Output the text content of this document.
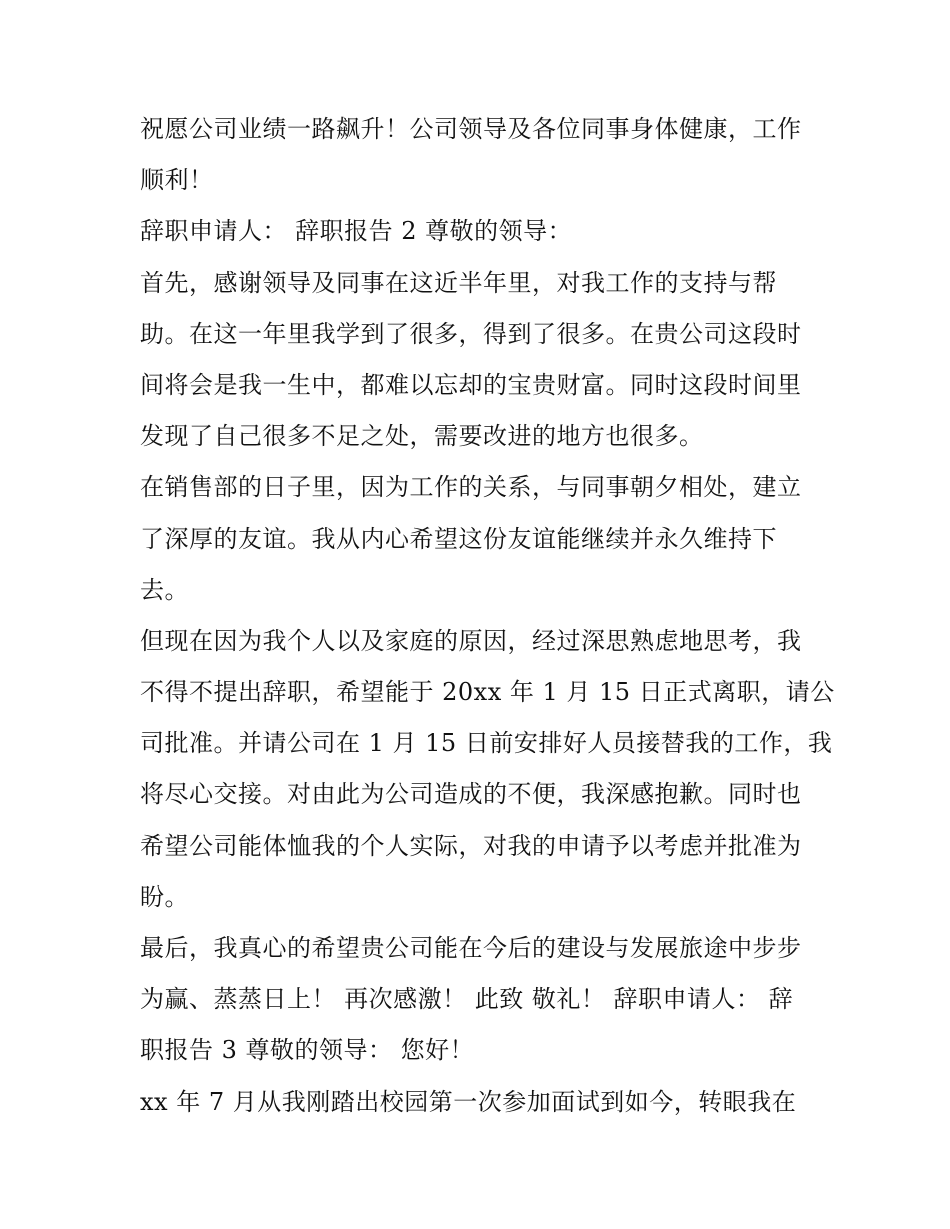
祝愿公司业绩一路飙升！公司领导及各位同事身体健康，工作
顺利！
辞职申请人： 辞职报告 2 尊敬的领导：
首先，感谢领导及同事在这近半年里，对我工作的支持与帮
助。在这一年里我学到了很多，得到了很多。在贵公司这段时
间将会是我一生中，都难以忘却的宝贵财富。同时这段时间里
发现了自己很多不足之处，需要改进的地方也很多。
在销售部的日子里，因为工作的关系，与同事朝夕相处，建立
了深厚的友谊。我从内心希望这份友谊能继续并永久维持下
去。
但现在因为我个人以及家庭的原因，经过深思熟虑地思考，我
不得不提出辞职，希望能于 20xx 年 1 月 15 日正式离职，请公
司批准。并请公司在 1 月 15 日前安排好人员接替我的工作，我
将尽心交接。对由此为公司造成的不便，我深感抱歉。同时也
希望公司能体恤我的个人实际，对我的申请予以考虑并批准为
盼。
最后，我真心的希望贵公司能在今后的建设与发展旅途中步步
为赢、蒸蒸日上！ 再次感激！ 此致 敬礼！ 辞职申请人： 辞
职报告 3 尊敬的领导： 您好！
xx 年 7 月从我刚踏出校园第一次参加面试到如今，转眼我在
